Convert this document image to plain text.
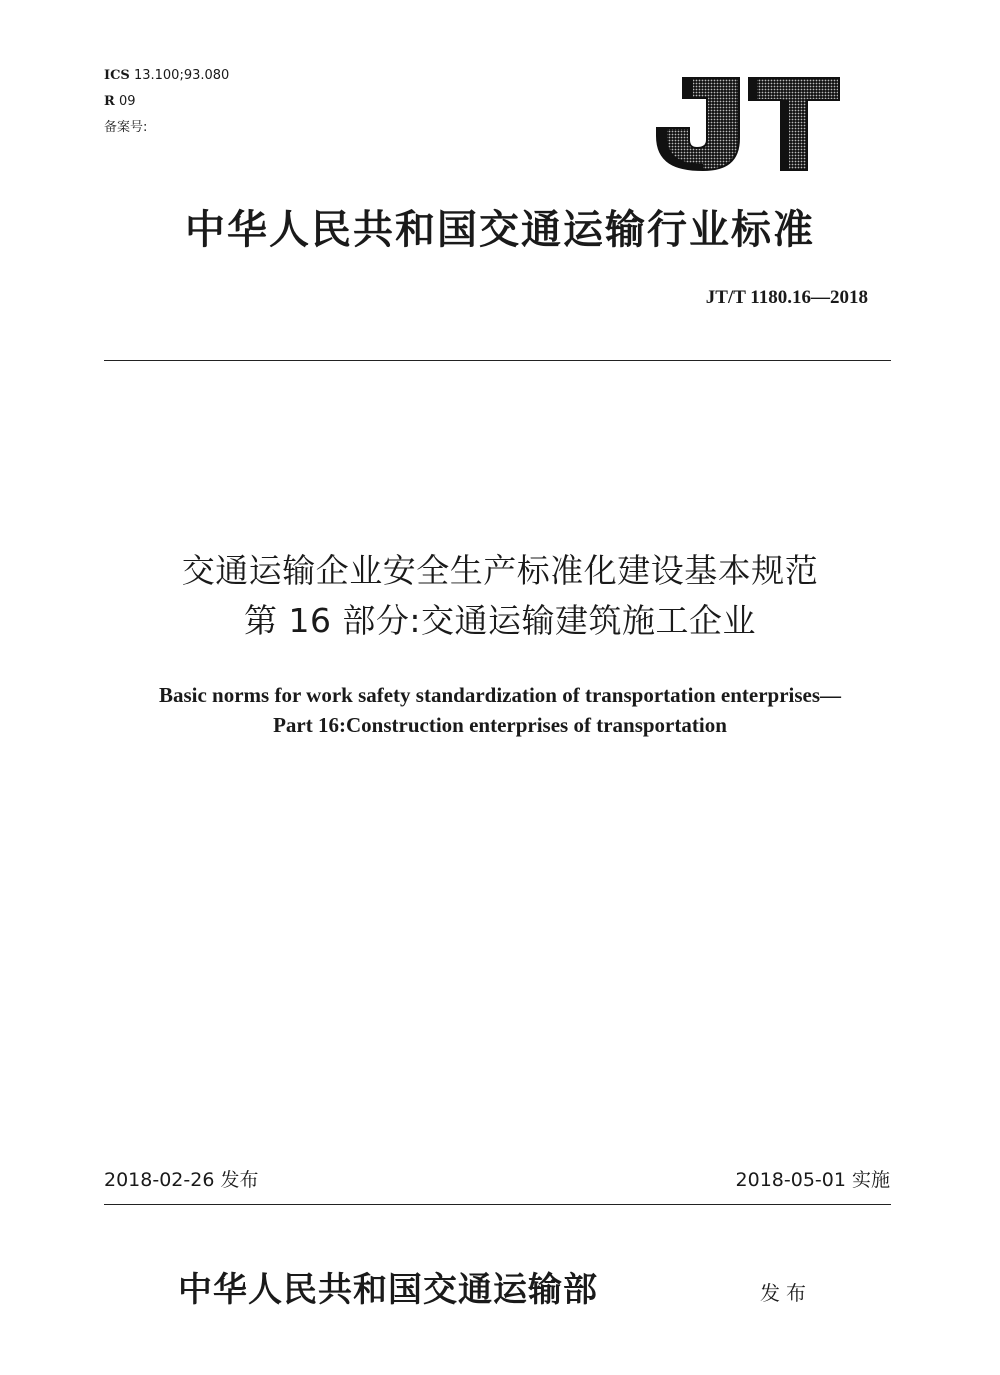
ICS 13.100;93.080
R 09
备案号:
中华人民共和国交通运输行业标准
JT/T 1180.16—2018
交通运输企业安全生产标准化建设基本规范
第 16 部分:交通运输建筑施工企业
Basic norms for work safety standardization of transportation enterprises—
Part 16:Construction enterprises of transportation
2018-02-26 发布	2018-05-01 实施
中华人民共和国交通运输部	发布
